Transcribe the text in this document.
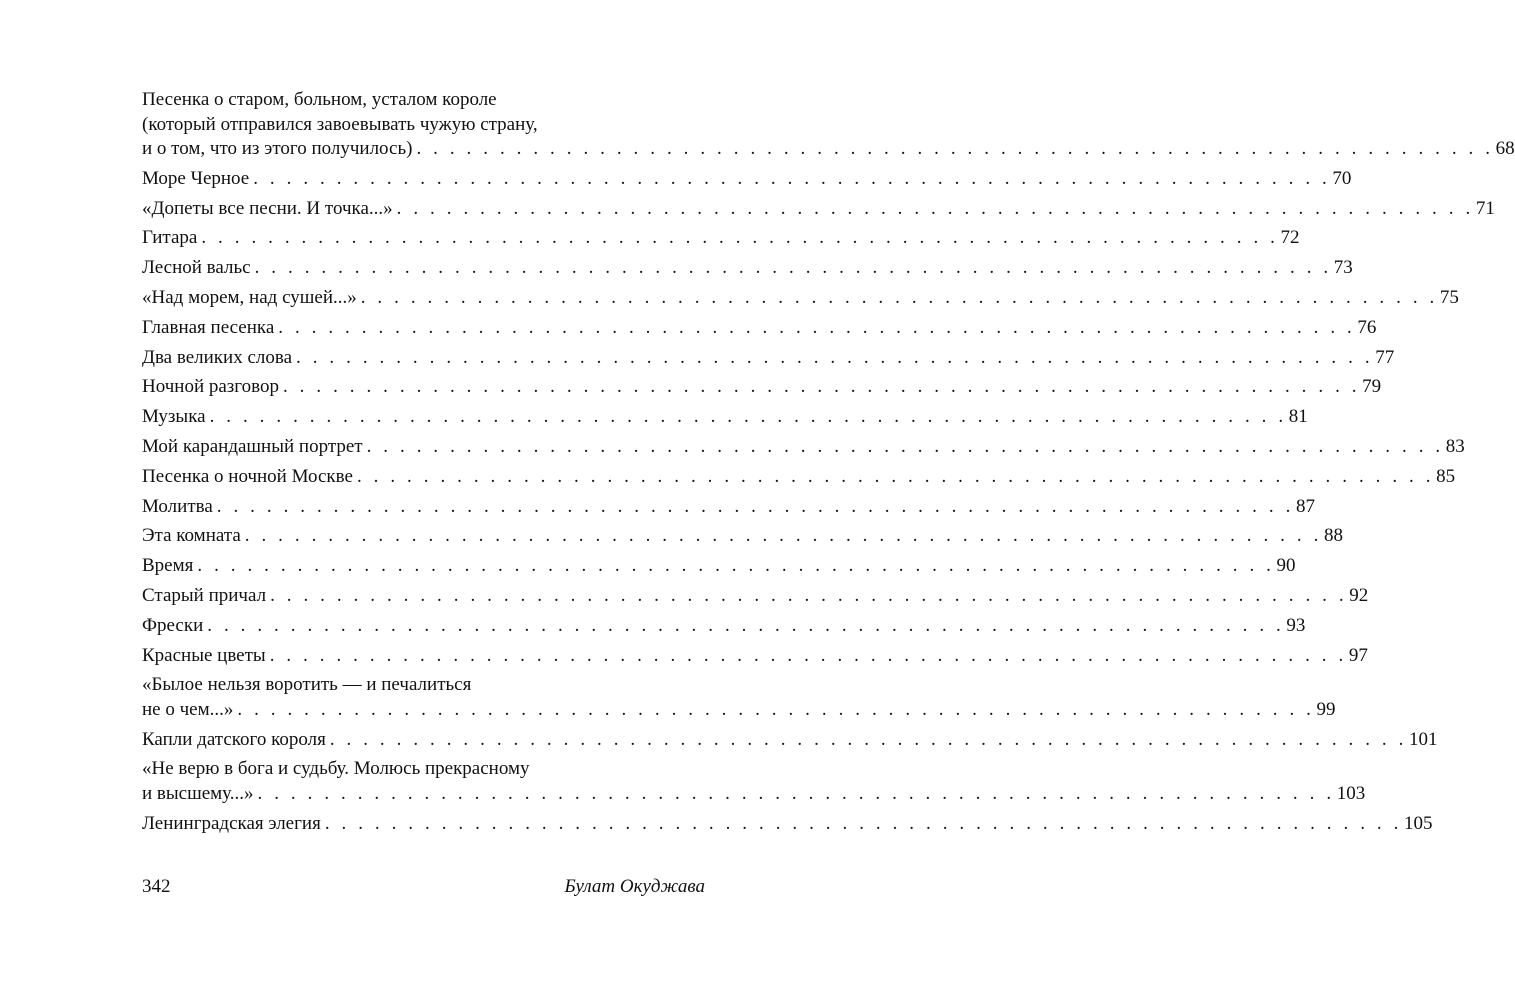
Песенка о старом, больном, усталом короле
(который отправился завоевывать чужую страну,
и о том, что из этого получилось) . . . . . . . . . . . . . . . . . . . . . . . . . . . . . . . . . . . . . . . . . . . . . . . . . . . . . . . . . . . . . . . . . 68
Море Черное . . . . . . . . . . . . . . . . . . . . . . . . . . . . . . . . . . . . . . . . . . . . . . . . . . . . . . . . . . . . . . . . . 70
«Допеты все песни. И точка...» . . . . . . . . . . . . . . . . . . . . . . . . . . . . . . . . . . . . . . . . . . . . . . . . . . . . . . . . . . . . . . . . . 71
Гитара . . . . . . . . . . . . . . . . . . . . . . . . . . . . . . . . . . . . . . . . . . . . . . . . . . . . . . . . . . . . . . . . . 72
Лесной вальс . . . . . . . . . . . . . . . . . . . . . . . . . . . . . . . . . . . . . . . . . . . . . . . . . . . . . . . . . . . . . . . . . 73
«Над морем, над сушей...» . . . . . . . . . . . . . . . . . . . . . . . . . . . . . . . . . . . . . . . . . . . . . . . . . . . . . . . . . . . . . . . . . 75
Главная песенка . . . . . . . . . . . . . . . . . . . . . . . . . . . . . . . . . . . . . . . . . . . . . . . . . . . . . . . . . . . . . . . . . 76
Два великих слова . . . . . . . . . . . . . . . . . . . . . . . . . . . . . . . . . . . . . . . . . . . . . . . . . . . . . . . . . . . . . . . . . 77
Ночной разговор . . . . . . . . . . . . . . . . . . . . . . . . . . . . . . . . . . . . . . . . . . . . . . . . . . . . . . . . . . . . . . . . . 79
Музыка . . . . . . . . . . . . . . . . . . . . . . . . . . . . . . . . . . . . . . . . . . . . . . . . . . . . . . . . . . . . . . . . . 81
Мой карандашный портрет . . . . . . . . . . . . . . . . . . . . . . . . . . . . . . . . . . . . . . . . . . . . . . . . . . . . . . . . . . . . . . . . . 83
Песенка о ночной Москве . . . . . . . . . . . . . . . . . . . . . . . . . . . . . . . . . . . . . . . . . . . . . . . . . . . . . . . . . . . . . . . . . 85
Молитва . . . . . . . . . . . . . . . . . . . . . . . . . . . . . . . . . . . . . . . . . . . . . . . . . . . . . . . . . . . . . . . . . 87
Эта комната . . . . . . . . . . . . . . . . . . . . . . . . . . . . . . . . . . . . . . . . . . . . . . . . . . . . . . . . . . . . . . . . . 88
Время . . . . . . . . . . . . . . . . . . . . . . . . . . . . . . . . . . . . . . . . . . . . . . . . . . . . . . . . . . . . . . . . . 90
Старый причал . . . . . . . . . . . . . . . . . . . . . . . . . . . . . . . . . . . . . . . . . . . . . . . . . . . . . . . . . . . . . . . . . 92
Фрески . . . . . . . . . . . . . . . . . . . . . . . . . . . . . . . . . . . . . . . . . . . . . . . . . . . . . . . . . . . . . . . . . 93
Красные цветы . . . . . . . . . . . . . . . . . . . . . . . . . . . . . . . . . . . . . . . . . . . . . . . . . . . . . . . . . . . . . . . . . 97
«Былое нельзя воротить — и печалиться
не о чем...» . . . . . . . . . . . . . . . . . . . . . . . . . . . . . . . . . . . . . . . . . . . . . . . . . . . . . . . . . . . . . . . . . 99
Капли датского короля . . . . . . . . . . . . . . . . . . . . . . . . . . . . . . . . . . . . . . . . . . . . . . . . . . . . . . . . . . . . . . . . . 101
«Не верю в бога и судьбу. Молюсь прекрасному
и высшему...» . . . . . . . . . . . . . . . . . . . . . . . . . . . . . . . . . . . . . . . . . . . . . . . . . . . . . . . . . . . . . . . . . 103
Ленинградская элегия . . . . . . . . . . . . . . . . . . . . . . . . . . . . . . . . . . . . . . . . . . . . . . . . . . . . . . . . . . . . . . . . . 105
342	Булат Окуджава
